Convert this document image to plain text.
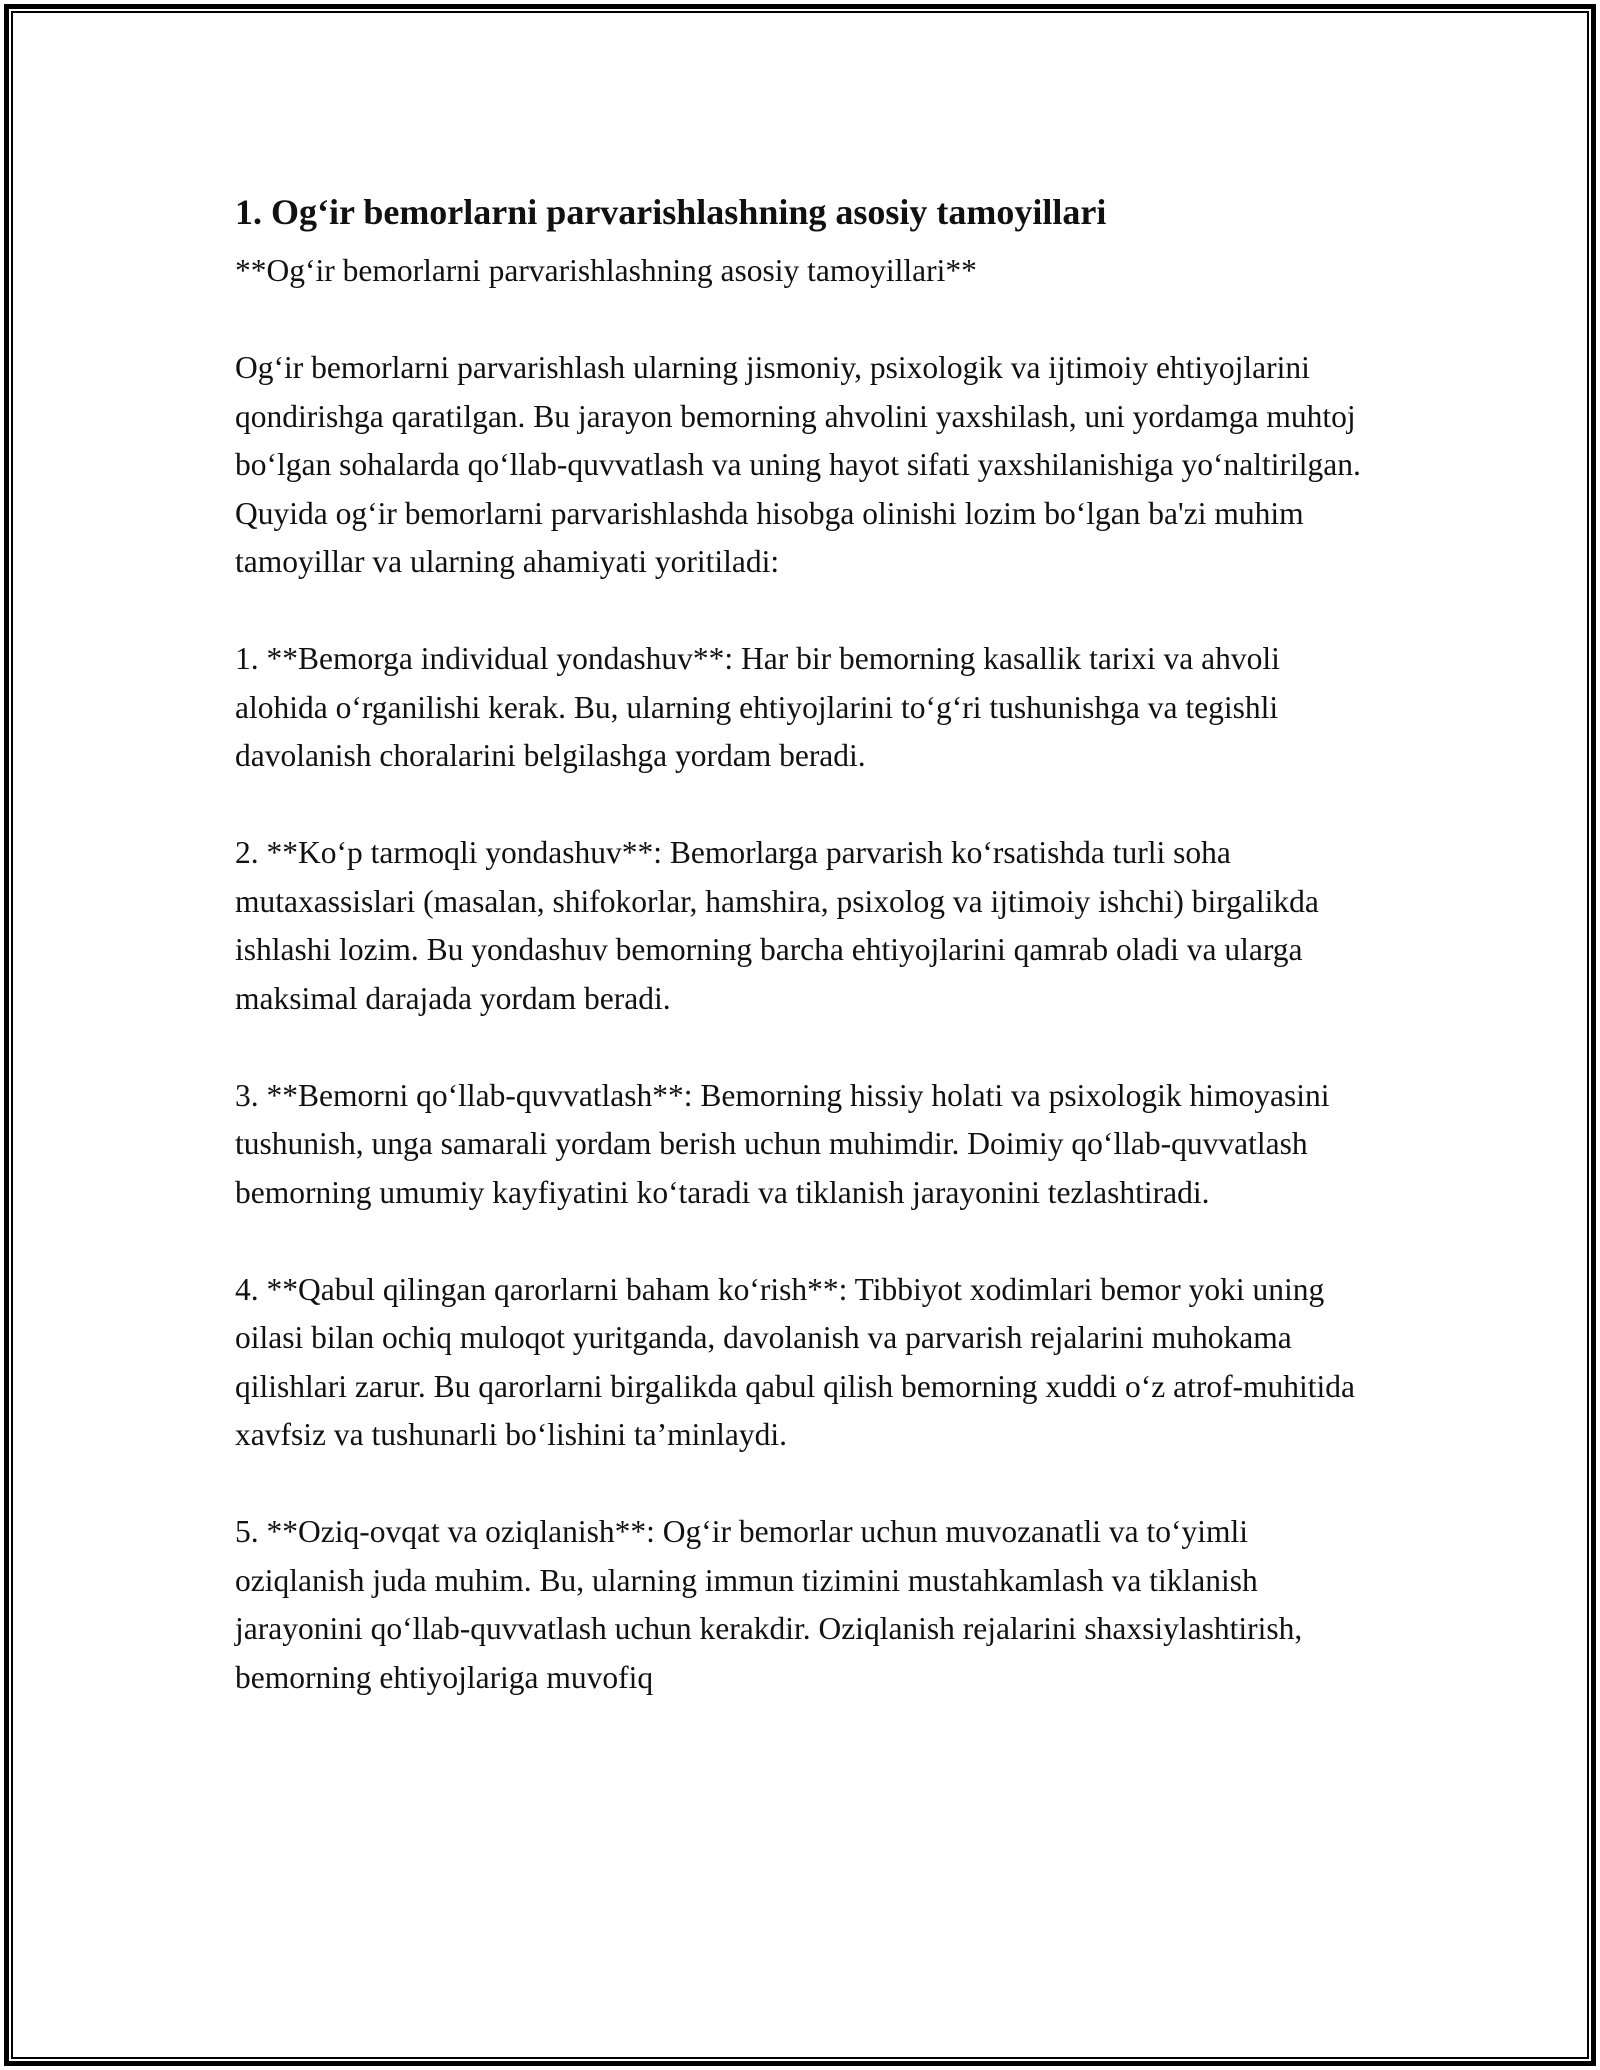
1. Og‘ir bemorlarni parvarishlashning asosiy tamoyillari

**Og‘ir bemorlarni parvarishlashning asosiy tamoyillari**

Og‘ir bemorlarni parvarishlash ularning jismoniy, psixologik va ijtimoiy ehtiyojlarini qondirishga qaratilgan. Bu jarayon bemorning ahvolini yaxshilash, uni yordamga muhtoj bo‘lgan sohalarda qo‘llab-quvvatlash va uning hayot sifati yaxshilanishiga yo‘naltirilgan. Quyida og‘ir bemorlarni parvarishlashda hisobga olinishi lozim bo‘lgan ba'zi muhim tamoyillar va ularning ahamiyati yoritiladi:

1. **Bemorga individual yondashuv**: Har bir bemorning kasallik tarixi va ahvoli alohida o‘rganilishi kerak. Bu, ularning ehtiyojlarini to‘g‘ri tushunishga va tegishli davolanish choralarini belgilashga yordam beradi.

2. **Ko‘p tarmoqli yondashuv**: Bemorlarga parvarish ko‘rsatishda turli soha mutaxassislari (masalan, shifokorlar, hamshira, psixolog va ijtimoiy ishchi) birgalikda ishlashi lozim. Bu yondashuv bemorning barcha ehtiyojlarini qamrab oladi va ularga maksimal darajada yordam beradi.

3. **Bemorni qo‘llab-quvvatlash**: Bemorning hissiy holati va psixologik himoyasini tushunish, unga samarali yordam berish uchun muhimdir. Doimiy qo‘llab-quvvatlash bemorning umumiy kayfiyatini ko‘taradi va tiklanish jarayonini tezlashtiradi.

4. **Qabul qilingan qarorlarni baham ko‘rish**: Tibbiyot xodimlari bemor yoki uning oilasi bilan ochiq muloqot yuritganda, davolanish va parvarish rejalarini muhokama qilishlari zarur. Bu qarorlarni birgalikda qabul qilish bemorning xuddi o‘z atrof-muhitida xavfsiz va tushunarli bo‘lishini ta’minlaydi.

5. **Oziq-ovqat va oziqlanish**: Og‘ir bemorlar uchun muvozanatli va to‘yimli oziqlanish juda muhim. Bu, ularning immun tizimini mustahkamlash va tiklanish jarayonini qo‘llab-quvvatlash uchun kerakdir. Oziqlanish rejalarini shaxsiylashtirish, bemorning ehtiyojlariga muvofiq
